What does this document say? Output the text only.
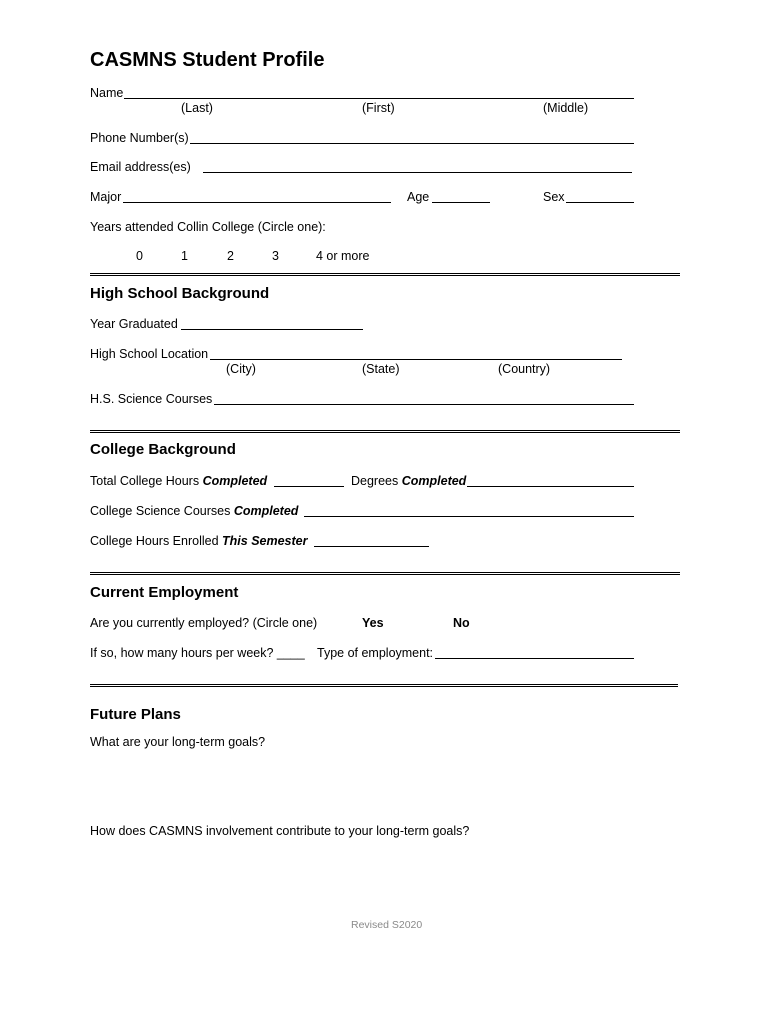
CASMNS Student Profile
Name
(Last)	(First)	(Middle)
Phone Number(s)
Email address(es)
Major	Age	Sex
Years attended Collin College (Circle one):
0	1	2	3	4 or more
High School Background
Year Graduated
High School Location
(City)	(State)	(Country)
H.S. Science Courses
College Background
Total College Hours Completed	Degrees Completed
College Science Courses Completed
College Hours Enrolled This Semester
Current Employment
Are you currently employed? (Circle one)	Yes	No
If so, how many hours per week? ____ Type of employment:
Future Plans
What are your long-term goals?
How does CASMNS involvement contribute to your long-term goals?
Revised S2020
